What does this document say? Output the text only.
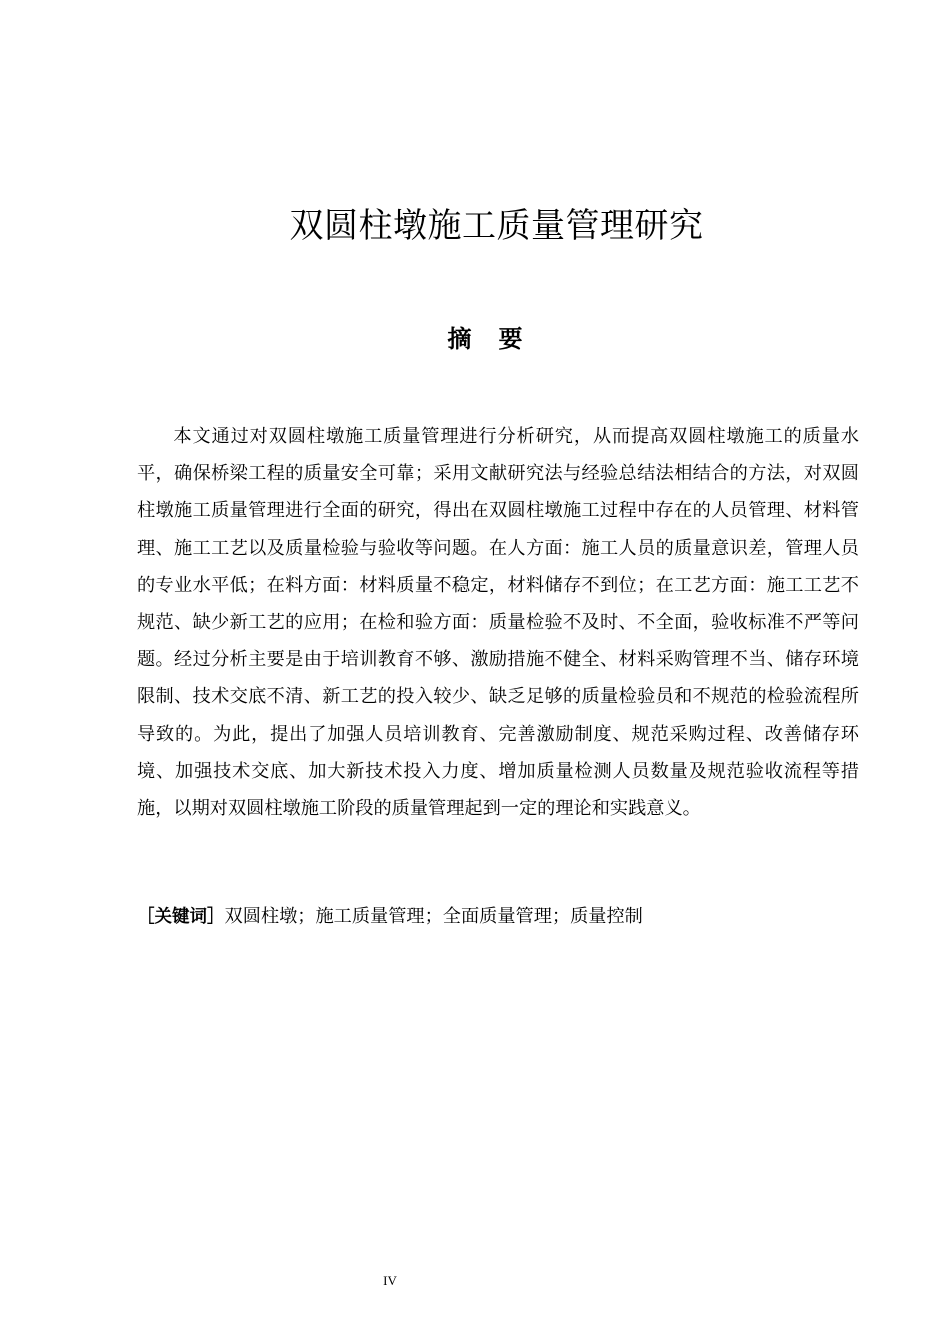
双圆柱墩施工质量管理研究
摘要

本文通过对双圆柱墩施工质量管理进行分析研究，从而提高双圆柱墩施工的质量水平，确保桥梁工程的质量安全可靠；采用文献研究法与经验总结法相结合的方法，对双圆柱墩施工质量管理进行全面的研究，得出在双圆柱墩施工过程中存在的人员管理、材料管理、施工工艺以及质量检验与验收等问题。在人方面：施工人员的质量意识差，管理人员的专业水平低；在料方面：材料质量不稳定，材料储存不到位；在工艺方面：施工工艺不规范、缺少新工艺的应用；在检和验方面：质量检验不及时、不全面，验收标准不严等问题。经过分析主要是由于培训教育不够、激励措施不健全、材料采购管理不当、储存环境限制、技术交底不清、新工艺的投入较少、缺乏足够的质量检验员和不规范的检验流程所导致的。为此，提出了加强人员培训教育、完善激励制度、规范采购过程、改善储存环境、加强技术交底、加大新技术投入力度、增加质量检测人员数量及规范验收流程等措施，以期对双圆柱墩施工阶段的质量管理起到一定的理论和实践意义。

［关键词］双圆柱墩；施工质量管理；全面质量管理；质量控制

IV
